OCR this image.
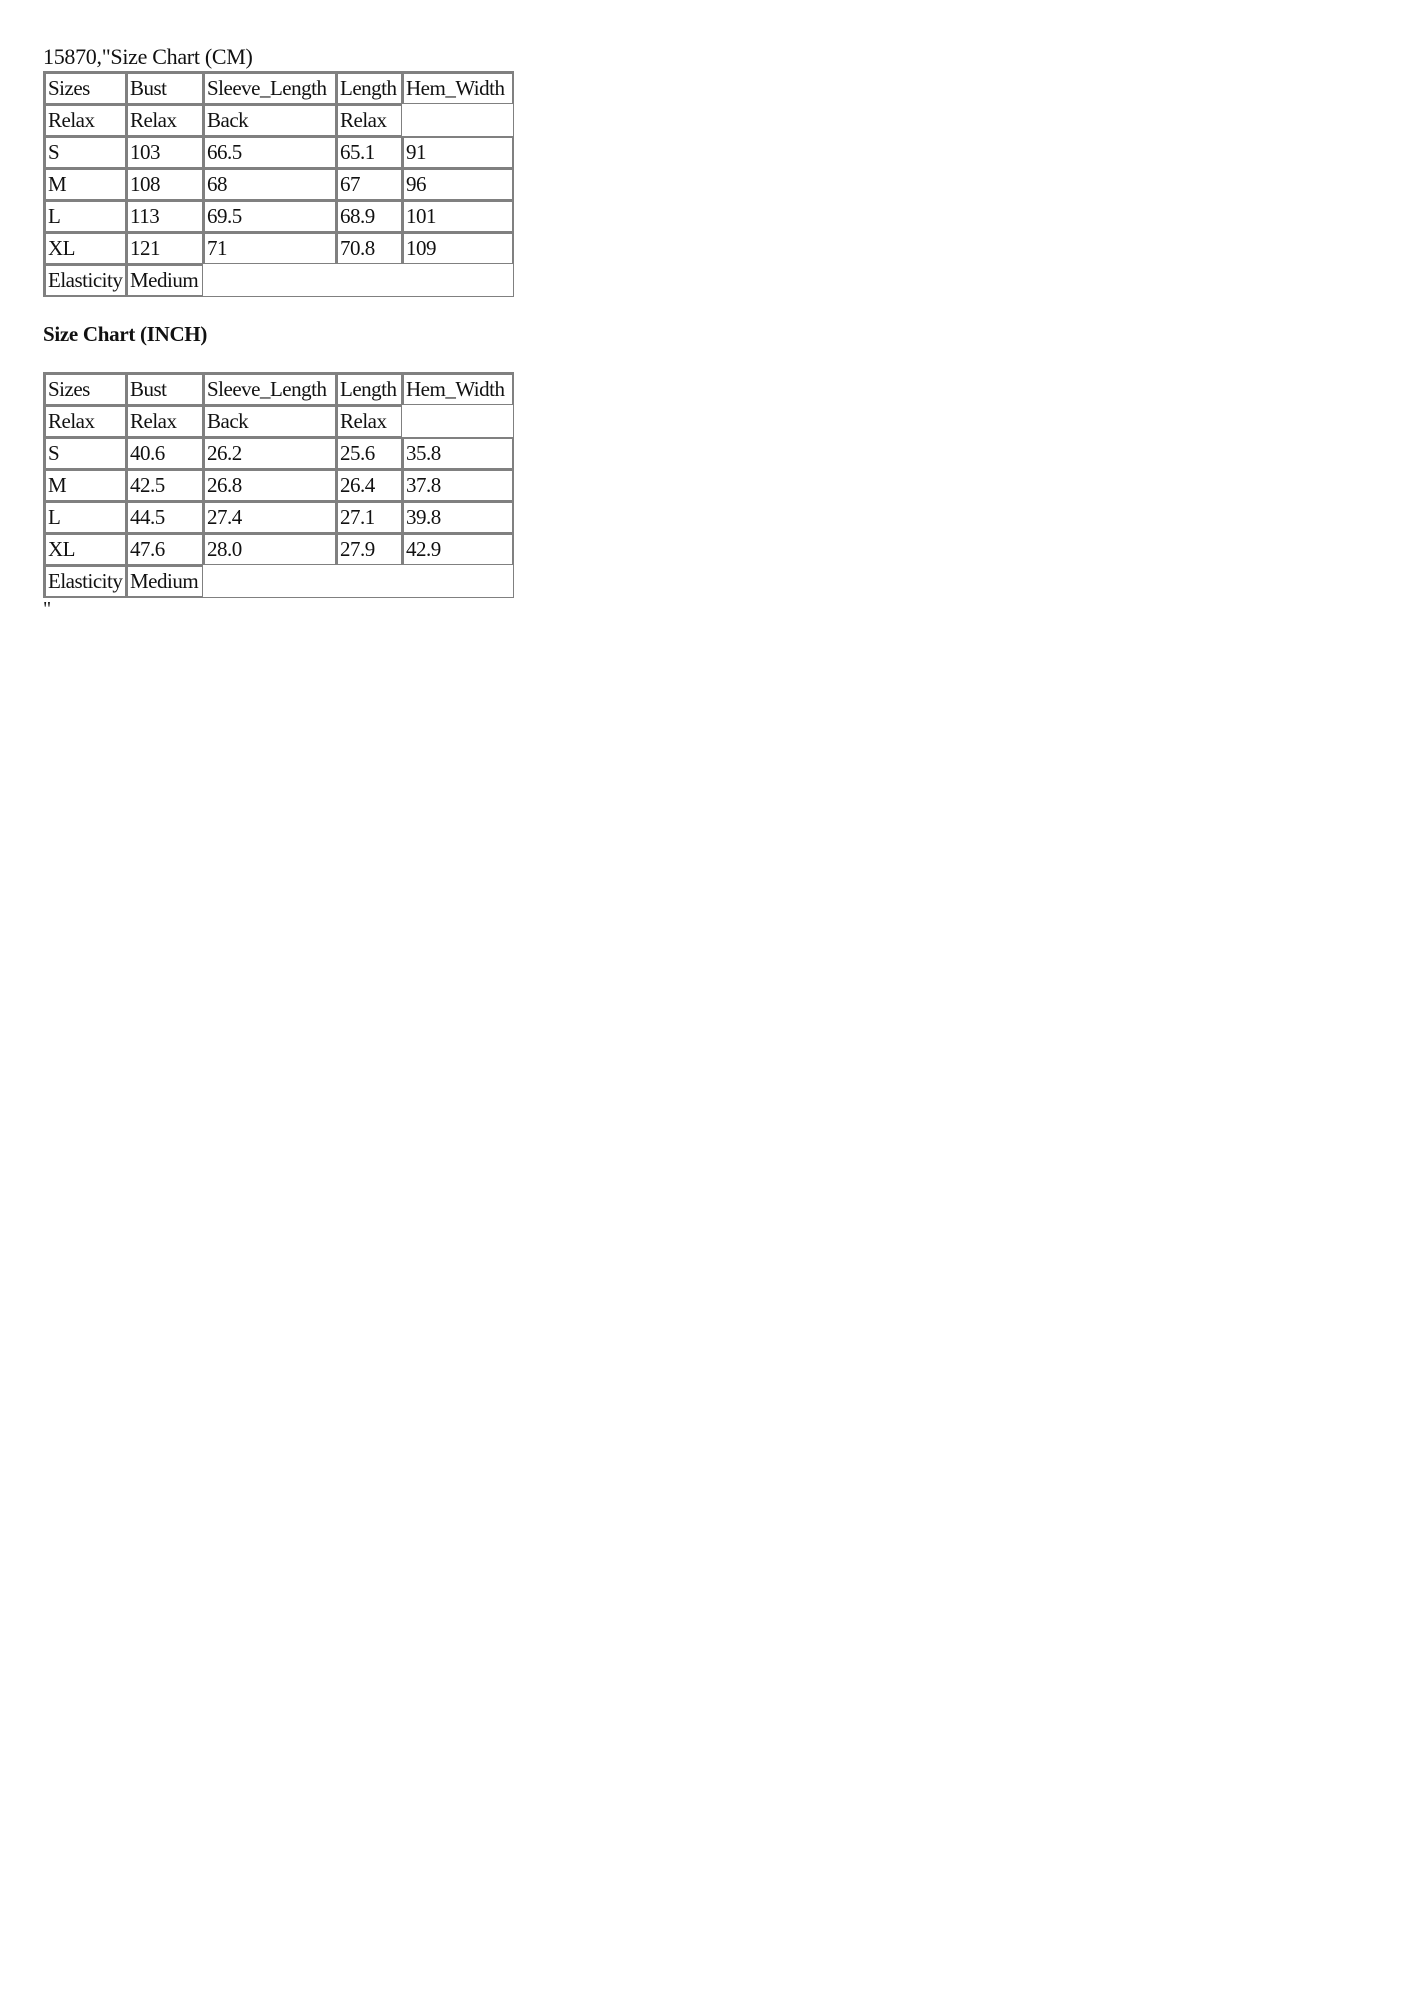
15870,"Size Chart (CM)
Sizes	Bust	Sleeve_Length	Length	Hem_Width
Relax	Relax	Back	Relax	
S	103	66.5	65.1	91
M	108	68	67	96
L	113	69.5	68.9	101
XL	121	71	70.8	109
Elasticity	Medium			
Size Chart (INCH)
Sizes	Bust	Sleeve_Length	Length	Hem_Width
Relax	Relax	Back	Relax	
S	40.6	26.2	25.6	35.8
M	42.5	26.8	26.4	37.8
L	44.5	27.4	27.1	39.8
XL	47.6	28.0	27.9	42.9
Elasticity	Medium			
"
